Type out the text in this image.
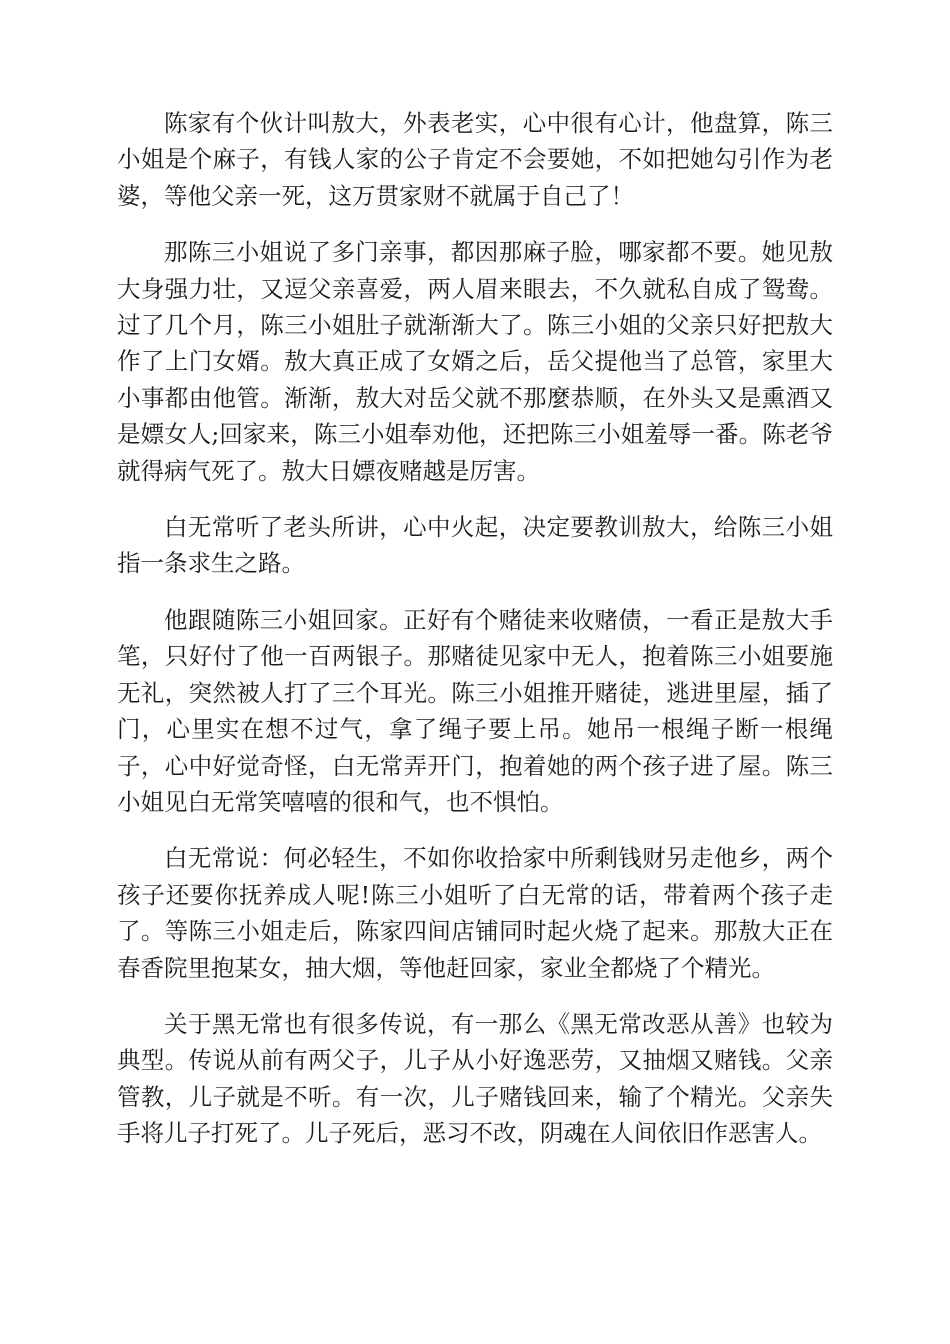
陈家有个伙计叫敖大，外表老实，心中很有心计，他盘算，陈三小姐是个麻子，有钱人家的公子肯定不会要她，不如把她勾引作为老婆，等他父亲一死，这万贯家财不就属于自己了！

那陈三小姐说了多门亲事，都因那麻子脸，哪家都不要。她见敖大身强力壮，又逗父亲喜爱，两人眉来眼去，不久就私自成了鸳鸯。过了几个月，陈三小姐肚子就渐渐大了。陈三小姐的父亲只好把敖大作了上门女婿。敖大真正成了女婿之后，岳父提他当了总管，家里大小事都由他管。渐渐，敖大对岳父就不那麼恭顺，在外头又是熏酒又是嫖女人;回家来，陈三小姐奉劝他，还把陈三小姐羞辱一番。陈老爷就得病气死了。敖大日嫖夜赌越是厉害。

白无常听了老头所讲，心中火起，决定要教训敖大，给陈三小姐指一条求生之路。

他跟随陈三小姐回家。正好有个赌徒来收赌债，一看正是敖大手笔，只好付了他一百两银子。那赌徒见家中无人，抱着陈三小姐要施无礼，突然被人打了三个耳光。陈三小姐推开赌徒，逃进里屋，插了门，心里实在想不过气，拿了绳子要上吊。她吊一根绳子断一根绳子，心中好觉奇怪，白无常弄开门，抱着她的两个孩子进了屋。陈三小姐见白无常笑嘻嘻的很和气，也不惧怕。

白无常说：何必轻生，不如你收拾家中所剩钱财另走他乡，两个孩子还要你抚养成人呢!陈三小姐听了白无常的话，带着两个孩子走了。等陈三小姐走后，陈家四间店铺同时起火烧了起来。那敖大正在春香院里抱某女，抽大烟，等他赶回家，家业全都烧了个精光。

关于黑无常也有很多传说，有一那么《黑无常改恶从善》也较为典型。传说从前有两父子，儿子从小好逸恶劳，又抽烟又赌钱。父亲管教，儿子就是不听。有一次，儿子赌钱回来，输了个精光。父亲失手将儿子打死了。儿子死后，恶习不改，阴魂在人间依旧作恶害人。
